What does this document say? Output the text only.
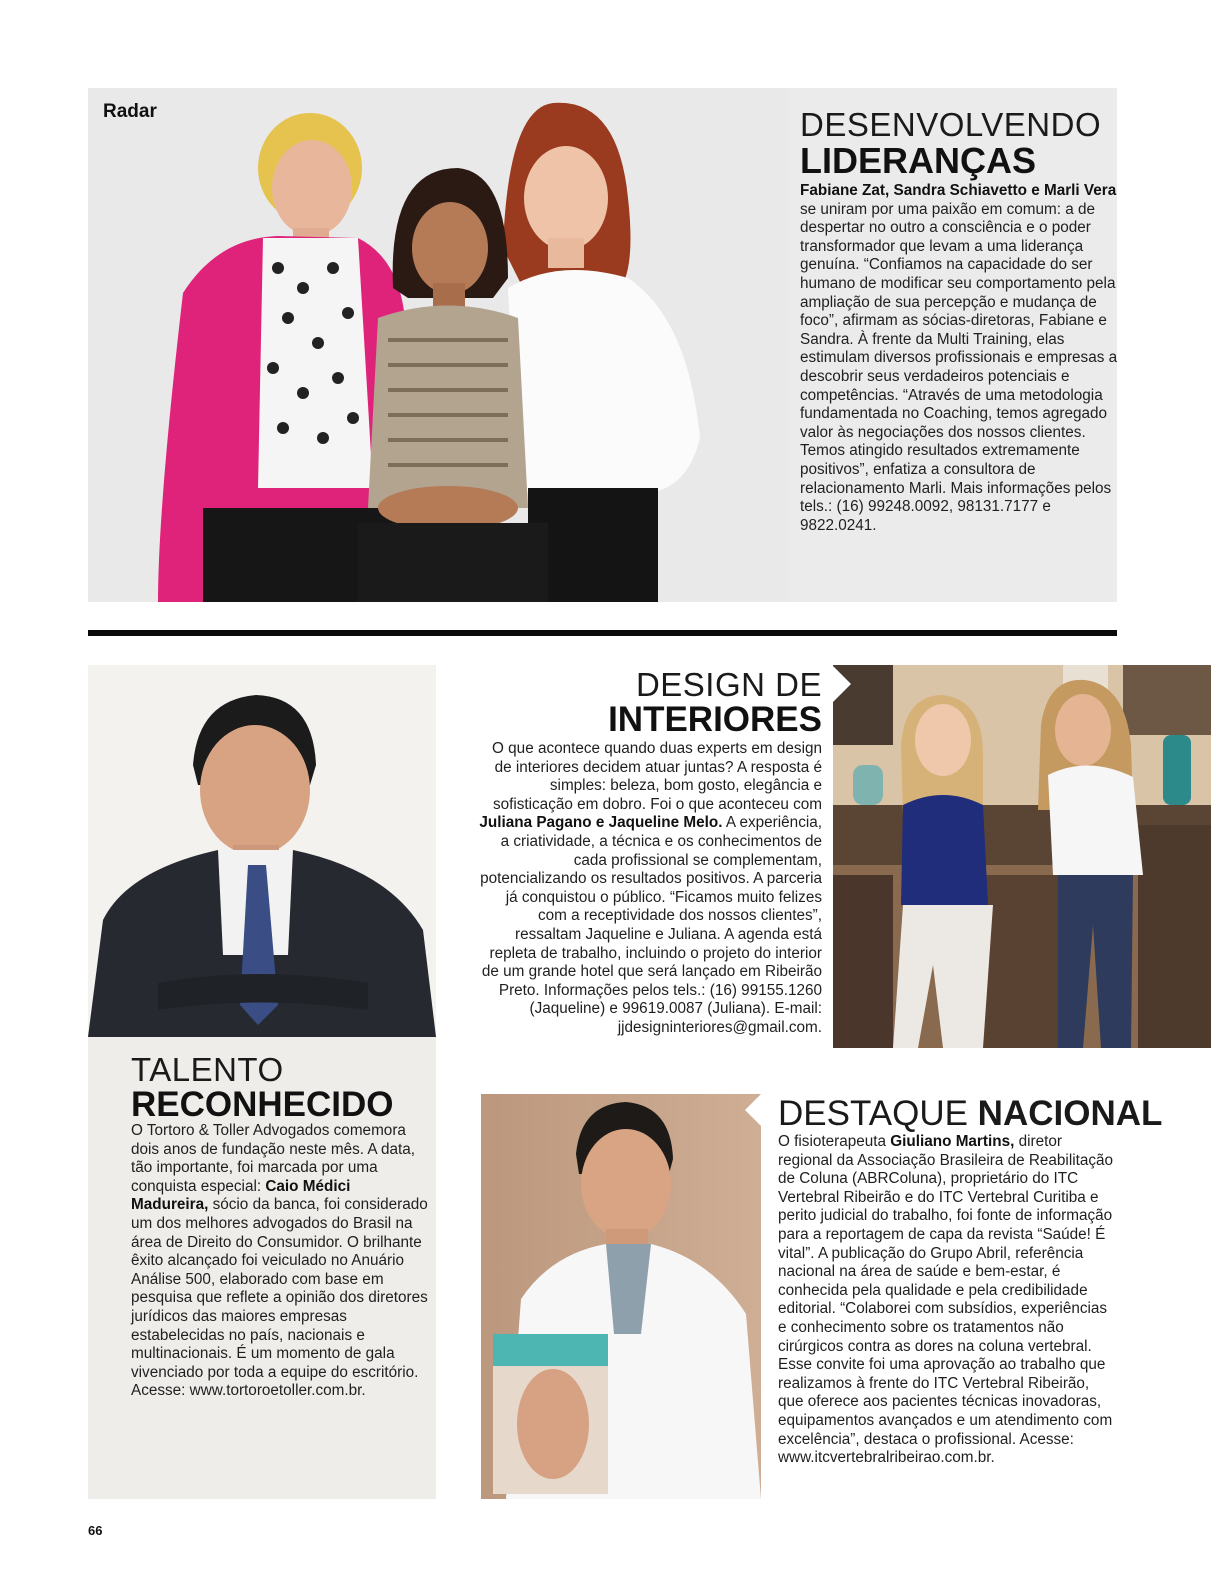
Radar	DESENVOLVENDO
LIDERANÇAS

Fabiane Zat, Sandra Schiavetto e Marli Vera se uniram por uma paixão em comum: a de despertar no outro a consciência e o poder transformador que levam a uma liderança genuína. “Confiamos na capacidade do ser humano de modificar seu comportamento pela ampliação de sua percepção e mudança de foco”, afirmam as sócias-diretoras, Fabiane e Sandra. À frente da Multi Training, elas estimulam diversos profissionais e empresas a descobrir seus verdadeiros potenciais e competências. “Através de uma metodologia fundamentada no Coaching, temos agregado valor às negociações dos nossos clientes. Temos atingido resultados extremamente positivos”, enfatiza a consultora de relacionamento Marli. Mais informações pelos tels.: (16) 99248.0092, 98131.7177 e 9822.0241.

TALENTO
RECONHECIDO

O Tortoro & Toller Advogados comemora dois anos de fundação neste mês. A data, tão importante, foi marcada por uma conquista especial: Caio Médici Madureira, sócio da banca, foi considerado um dos melhores advogados do Brasil na área de Direito do Consumidor. O brilhante êxito alcançado foi veiculado no Anuário Análise 500, elaborado com base em pesquisa que reflete a opinião dos diretores jurídicos das maiores empresas estabelecidas no país, nacionais e multinacionais. É um momento de gala vivenciado por toda a equipe do escritório. Acesse: www.tortoroetoller.com.br.

DESIGN DE
INTERIORES

O que acontece quando duas experts em design de interiores decidem atuar juntas? A resposta é simples: beleza, bom gosto, elegância e sofisticação em dobro. Foi o que aconteceu com Juliana Pagano e Jaqueline Melo. A experiência, a criatividade, a técnica e os conhecimentos de cada profissional se complementam, potencializando os resultados positivos. A parceria já conquistou o público. “Ficamos muito felizes com a receptividade dos nossos clientes”, ressaltam Jaqueline e Juliana. A agenda está repleta de trabalho, incluindo o projeto do interior de um grande hotel que será lançado em Ribeirão Preto. Informações pelos tels.: (16) 99155.1260 (Jaqueline) e 99619.0087 (Juliana). E-mail: jjdesigninteriores@gmail.com.

DESTAQUE NACIONAL

O fisioterapeuta Giuliano Martins, diretor regional da Associação Brasileira de Reabilitação de Coluna (ABRColuna), proprietário do ITC Vertebral Ribeirão e do ITC Vertebral Curitiba e perito judicial do trabalho, foi fonte de informação para a reportagem de capa da revista “Saúde! É vital”. A publicação do Grupo Abril, referência nacional na área de saúde e bem-estar, é conhecida pela qualidade e pela credibilidade editorial. “Colaborei com subsídios, experiências e conhecimento sobre os tratamentos não cirúrgicos contra as dores na coluna vertebral. Esse convite foi uma aprovação ao trabalho que realizamos à frente do ITC Vertebral Ribeirão, que oferece aos pacientes técnicas inovadoras, equipamentos avançados e um atendimento com excelência”, destaca o profissional. Acesse: www.itcvertebralribeirao.com.br.

66
